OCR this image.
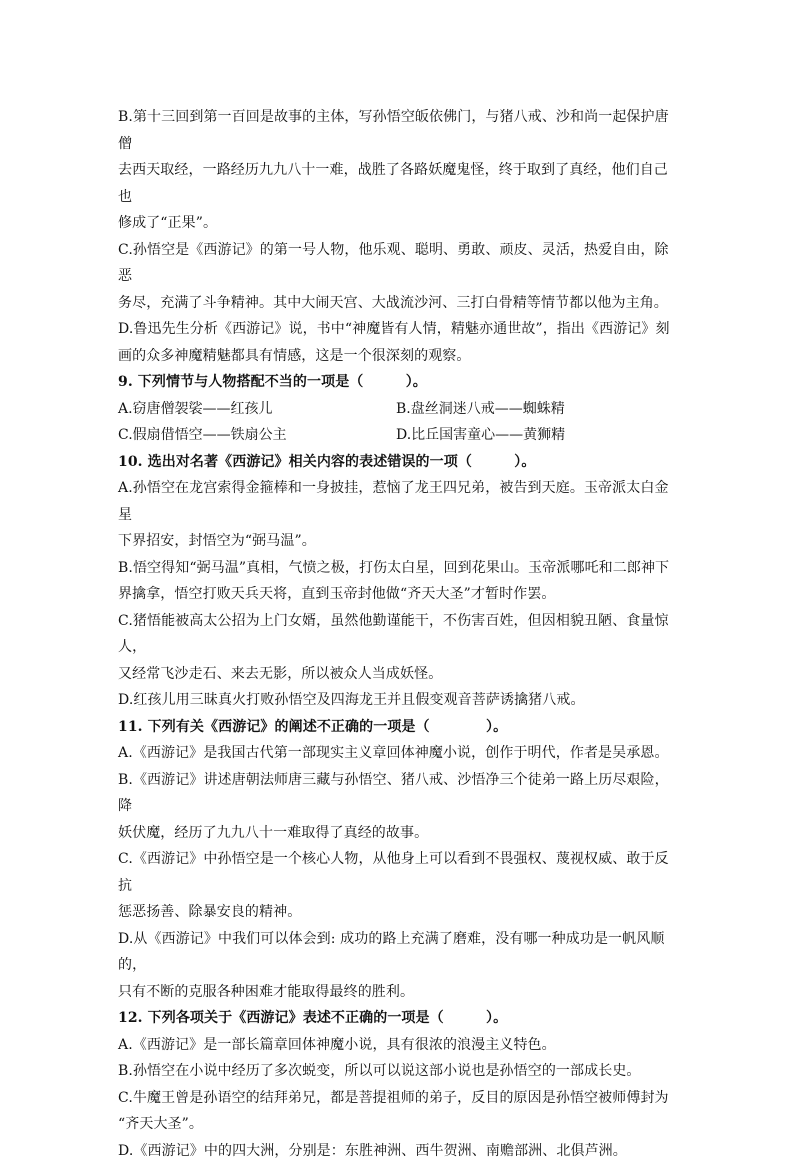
B.第十三回到第一百回是故事的主体，写孙悟空皈依佛门，与猪八戒、沙和尚一起保护唐僧

去西天取经，一路经历九九八十一难，战胜了各路妖魔鬼怪，终于取到了真经，他们自己也

修成了“正果”。

C.孙悟空是《西游记》的第一号人物，他乐观、聪明、勇敢、顽皮、灵活，热爱自由，除恶

务尽，充满了斗争精神。其中大闹天宫、大战流沙河、三打白骨精等情节都以他为主角。

D.鲁迅先生分析《西游记》说，书中“神魔皆有人情，精魅亦通世故”，指出《西游记》刻

画的众多神魔精魅都具有情感，这是一个很深刻的观察。

9. 下列情节与人物搭配不当的一项是（　　　）。

A.窃唐僧袈裟——红孩儿	B.盘丝洞迷八戒——蜘蛛精
C.假扇借悟空——铁扇公主	D.比丘国害童心——黄狮精

10. 选出对名著《西游记》相关内容的表述错误的一项（　　　）。

A.孙悟空在龙宫索得金箍棒和一身披挂，惹恼了龙王四兄弟，被告到天庭。玉帝派太白金星

下界招安，封悟空为“弼马温”。

B.悟空得知“弼马温”真相，气愤之极，打伤太白星，回到花果山。玉帝派哪吒和二郎神下

界擒拿，悟空打败天兵天将，直到玉帝封他做“齐天大圣”才暂时作罢。

C.猪悟能被高太公招为上门女婿，虽然他勤谨能干，不伤害百姓，但因相貌丑陋、食量惊人，

又经常飞沙走石、来去无影，所以被众人当成妖怪。

D.红孩儿用三昧真火打败孙悟空及四海龙王并且假变观音菩萨诱擒猪八戒。

11. 下列有关《西游记》的阐述不正确的一项是（　　　　）。

A.《西游记》是我国古代第一部现实主义章回体神魔小说，创作于明代，作者是吴承恩。

B.《西游记》讲述唐朝法师唐三藏与孙悟空、猪八戒、沙悟净三个徒弟一路上历尽艰险，降

妖伏魔，经历了九九八十一难取得了真经的故事。

C.《西游记》中孙悟空是一个核心人物，从他身上可以看到不畏强权、蔑视权威、敢于反抗

惩恶扬善、除暴安良的精神。

D.从《西游记》中我们可以体会到: 成功的路上充满了磨难，没有哪一种成功是一帆风顺的，

只有不断的克服各种困难才能取得最终的胜利。

12. 下列各项关于《西游记》表述不正确的一项是（　　　）。

A.《西游记》是一部长篇章回体神魔小说，具有很浓的浪漫主义特色。

B.孙悟空在小说中经历了多次蜕变，所以可以说这部小说也是孙悟空的一部成长史。

C.牛魔王曾是孙语空的结拜弟兄，都是菩提祖师的弟子，反目的原因是孙悟空被师傅封为

“齐天大圣”。

D.《西游记》中的四大洲，分别是：东胜神洲、西牛贺洲、南赡部洲、北俱芦洲。
